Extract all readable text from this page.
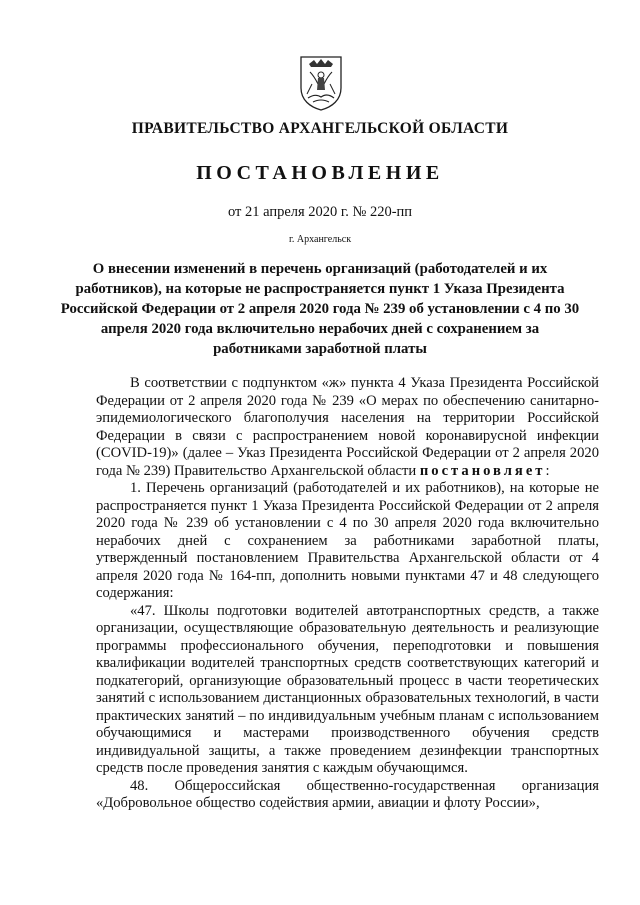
ПРАВИТЕЛЬСТВО АРХАНГЕЛЬСКОЙ ОБЛАСТИ
ПОСТАНОВЛЕНИЕ
от 21 апреля 2020 г. № 220-пп
г. Архангельск
О внесении изменений в перечень организаций (работодателей и их работников), на которые не распространяется пункт 1 Указа Президента Российской Федерации от 2 апреля 2020 года № 239 об установлении с 4 по 30 апреля 2020 года включительно нерабочих дней с сохранением за работниками заработной платы

В соответствии с подпунктом «ж» пункта 4 Указа Президента Российской Федерации от 2 апреля 2020 года № 239 «О мерах по обеспечению санитарно-эпидемиологического благополучия населения на территории Российской Федерации в связи с распространением новой коронавирусной инфекции (COVID-19)» (далее – Указ Президента Российской Федерации от 2 апреля 2020 года № 239) Правительство Архангельской области постановляет:

1. Перечень организаций (работодателей и их работников), на которые не распространяется пункт 1 Указа Президента Российской Федерации от 2 апреля 2020 года № 239 об установлении с 4 по 30 апреля 2020 года включительно нерабочих дней с сохранением за работниками заработной платы, утвержденный постановлением Правительства Архангельской области от 4 апреля 2020 года № 164-пп, дополнить новыми пунктами 47 и 48 следующего содержания:

«47. Школы подготовки водителей автотранспортных средств, а также организации, осуществляющие образовательную деятельность и реализующие программы профессионального обучения, переподготовки и повышения квалификации водителей транспортных средств соответствующих категорий и подкатегорий, организующие образовательный процесс в части теоретических занятий с использованием дистанционных образовательных технологий, в части практических занятий – по индивидуальным учебным планам с использованием обучающимися и мастерами производственного обучения средств индивидуальной защиты, а также проведением дезинфекции транспортных средств после проведения занятия с каждым обучающимся.

48. Общероссийская общественно-государственная организация «Добровольное общество содействия армии, авиации и флоту России»,
